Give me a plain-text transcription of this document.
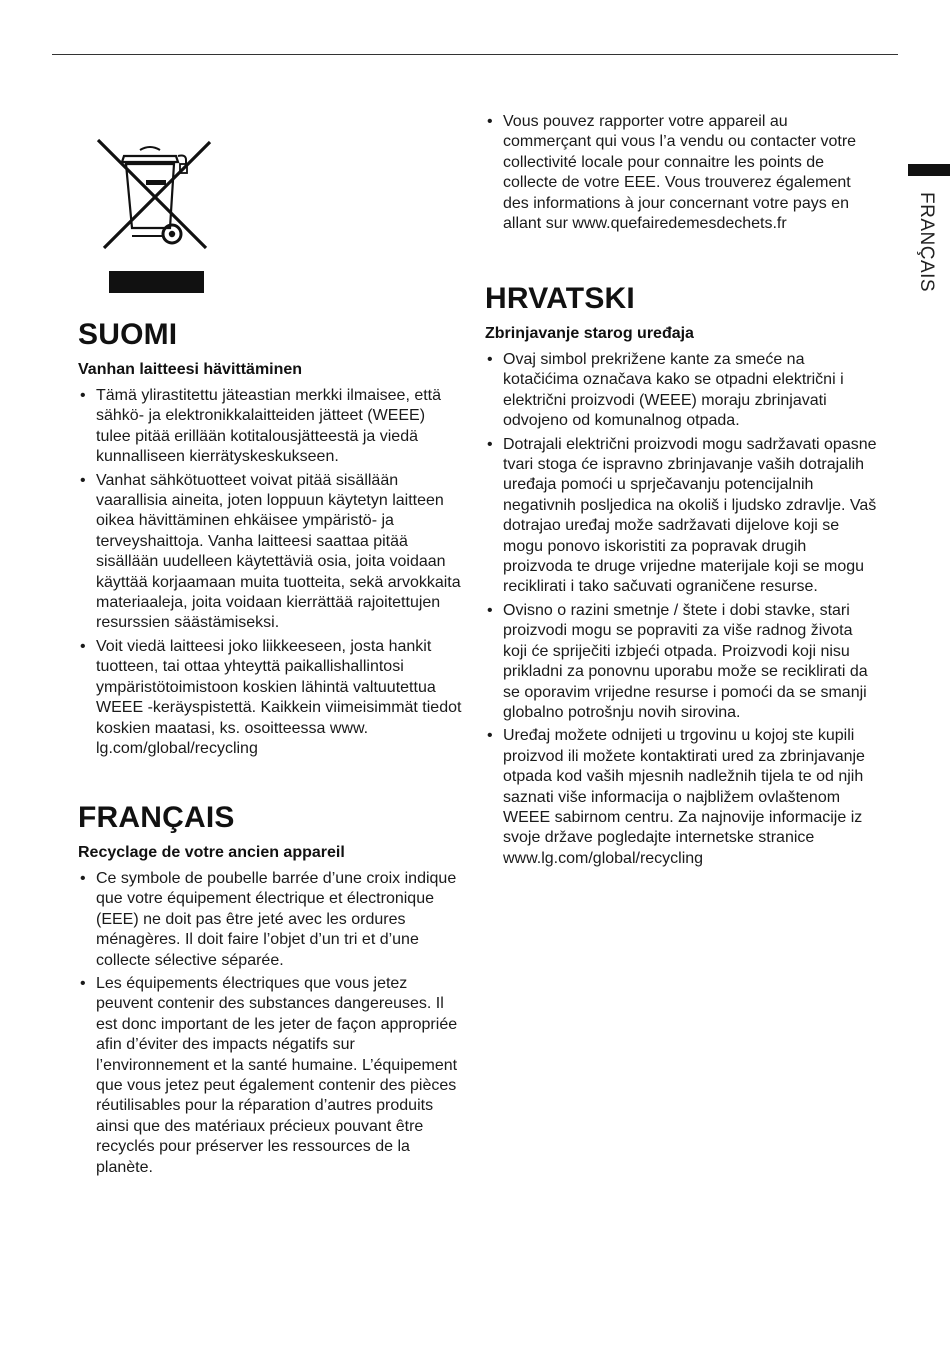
FRANÇAIS
SUOMI
Vanhan laitteesi hävittäminen
• Tämä ylirastitettu jäteastian merkki ilmaisee, että sähkö- ja elektronikkalaitteiden jätteet (WEEE) tulee pitää erillään kotitalousjätteestä ja viedä kunnalliseen kierrätyskeskukseen.
• Vanhat sähkötuotteet voivat pitää sisällään vaarallisia aineita, joten loppuun käytetyn laitteen oikea hävittäminen ehkäisee ympäristö- ja terveyshaittoja. Vanha laitteesi saattaa pitää sisällään uudelleen käytettäviä osia, joita voidaan käyttää korjaamaan muita tuotteita, sekä arvokkaita materiaaleja, joita voidaan kierrättää rajoitettujen resurssien säästämiseksi.
• Voit viedä laitteesi joko liikkeeseen, josta hankit tuotteen, tai ottaa yhteyttä paikallishallintosi ympäristötoimistoon koskien lähintä valtuutettua WEEE -keräyspistettä. Kaikkein viimeisimmät tiedot koskien maatasi, ks. osoitteessa www. lg.com/global/recycling
FRANÇAIS
Recyclage de votre ancien appareil
• Ce symbole de poubelle barrée d’une croix indique que votre équipement électrique et électronique (EEE) ne doit pas être jeté avec les ordures ménagères. Il doit faire l’objet d’un tri et d’une collecte sélective séparée.
• Les équipements électriques que vous jetez peuvent contenir des substances dangereuses. Il est donc important de les jeter de façon appropriée afin d’éviter des impacts négatifs sur l’environnement et la santé humaine. L’équipement que vous jetez peut également contenir des pièces réutilisables pour la réparation d’autres produits ainsi que des matériaux précieux pouvant être recyclés pour préserver les ressources de la planète.
• Vous pouvez rapporter votre appareil au commerçant qui vous l’a vendu ou contacter votre collectivité locale pour connaitre les points de collecte de votre EEE. Vous trouverez également des informations à jour concernant votre pays en allant sur www.quefairedemesdechets.fr
HRVATSKI
Zbrinjavanje starog uređaja
• Ovaj simbol prekrižene kante za smeće na kotačićima označava kako se otpadni električni i električni proizvodi (WEEE) moraju zbrinjavati odvojeno od komunalnog otpada.
• Dotrajali električni proizvodi mogu sadržavati opasne tvari stoga će ispravno zbrinjavanje vaših dotrajalih uređaja pomoći u sprječavanju potencijalnih negativnih posljedica na okoliš i ljudsko zdravlje. Vaš dotrajao uređaj može sadržavati dijelove koji se mogu ponovo iskoristiti za popravak drugih proizvoda te druge vrijedne materijale koji se mogu reciklirati i tako sačuvati ograničene resurse.
• Ovisno o razini smetnje / štete i dobi stavke, stari proizvodi mogu se popraviti za više radnog života koji će spriječiti izbjeći otpada. Proizvodi koji nisu prikladni za ponovnu uporabu može se reciklirati da se oporavim vrijedne resurse i pomoći da se smanji globalno potrošnju novih sirovina.
• Uređaj možete odnijeti u trgovinu u kojoj ste kupili proizvod ili možete kontaktirati ured za zbrinjavanje otpada kod vaših mjesnih nadležnih tijela te od njih saznati više informacija o najbližem ovlaštenom WEEE sabirnom centru. Za najnovije informacije iz svoje države pogledajte internetske stranice www.lg.com/global/recycling
